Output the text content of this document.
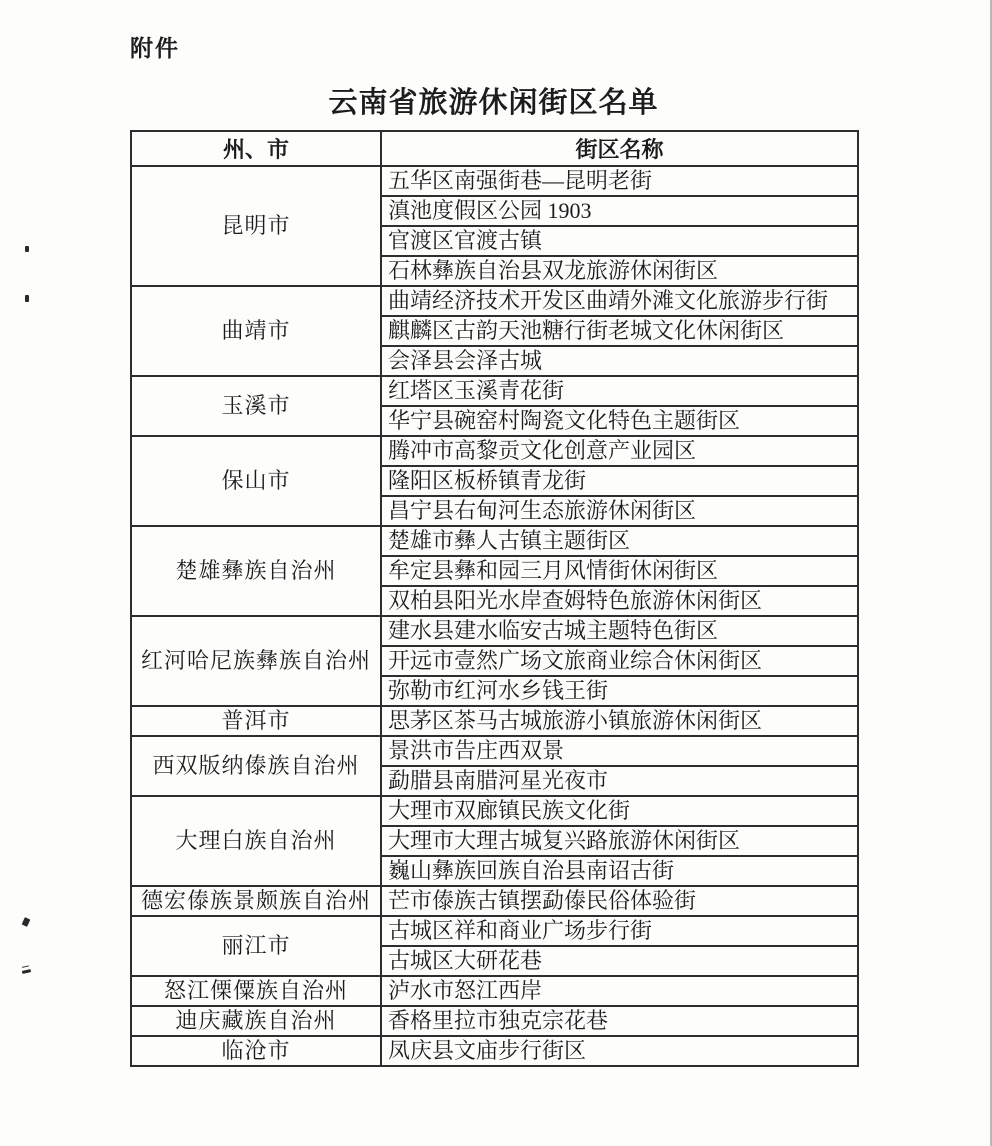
附件
云南省旅游休闲街区名单
州、市	街区名称
昆明市	五华区南强街巷—昆明老街
	滇池度假区公园 1903
	官渡区官渡古镇
	石林彝族自治县双龙旅游休闲街区
曲靖市	曲靖经济技术开发区曲靖外滩文化旅游步行街
	麒麟区古韵天池糖行街老城文化休闲街区
	会泽县会泽古城
玉溪市	红塔区玉溪青花街
	华宁县碗窑村陶瓷文化特色主题街区
保山市	腾冲市高黎贡文化创意产业园区
	隆阳区板桥镇青龙街
	昌宁县右甸河生态旅游休闲街区
楚雄彝族自治州	楚雄市彝人古镇主题街区
	牟定县彝和园三月风情街休闲街区
	双柏县阳光水岸查姆特色旅游休闲街区
红河哈尼族彝族自治州	建水县建水临安古城主题特色街区
	开远市壹然广场文旅商业综合休闲街区
	弥勒市红河水乡钱王街
普洱市	思茅区茶马古城旅游小镇旅游休闲街区
西双版纳傣族自治州	景洪市告庄西双景
	勐腊县南腊河星光夜市
大理白族自治州	大理市双廊镇民族文化街
	大理市大理古城复兴路旅游休闲街区
	巍山彝族回族自治县南诏古街
德宏傣族景颇族自治州	芒市傣族古镇摆勐傣民俗体验街
丽江市	古城区祥和商业广场步行街
	古城区大研花巷
怒江傈僳族自治州	泸水市怒江西岸
迪庆藏族自治州	香格里拉市独克宗花巷
临沧市	凤庆县文庙步行街区
